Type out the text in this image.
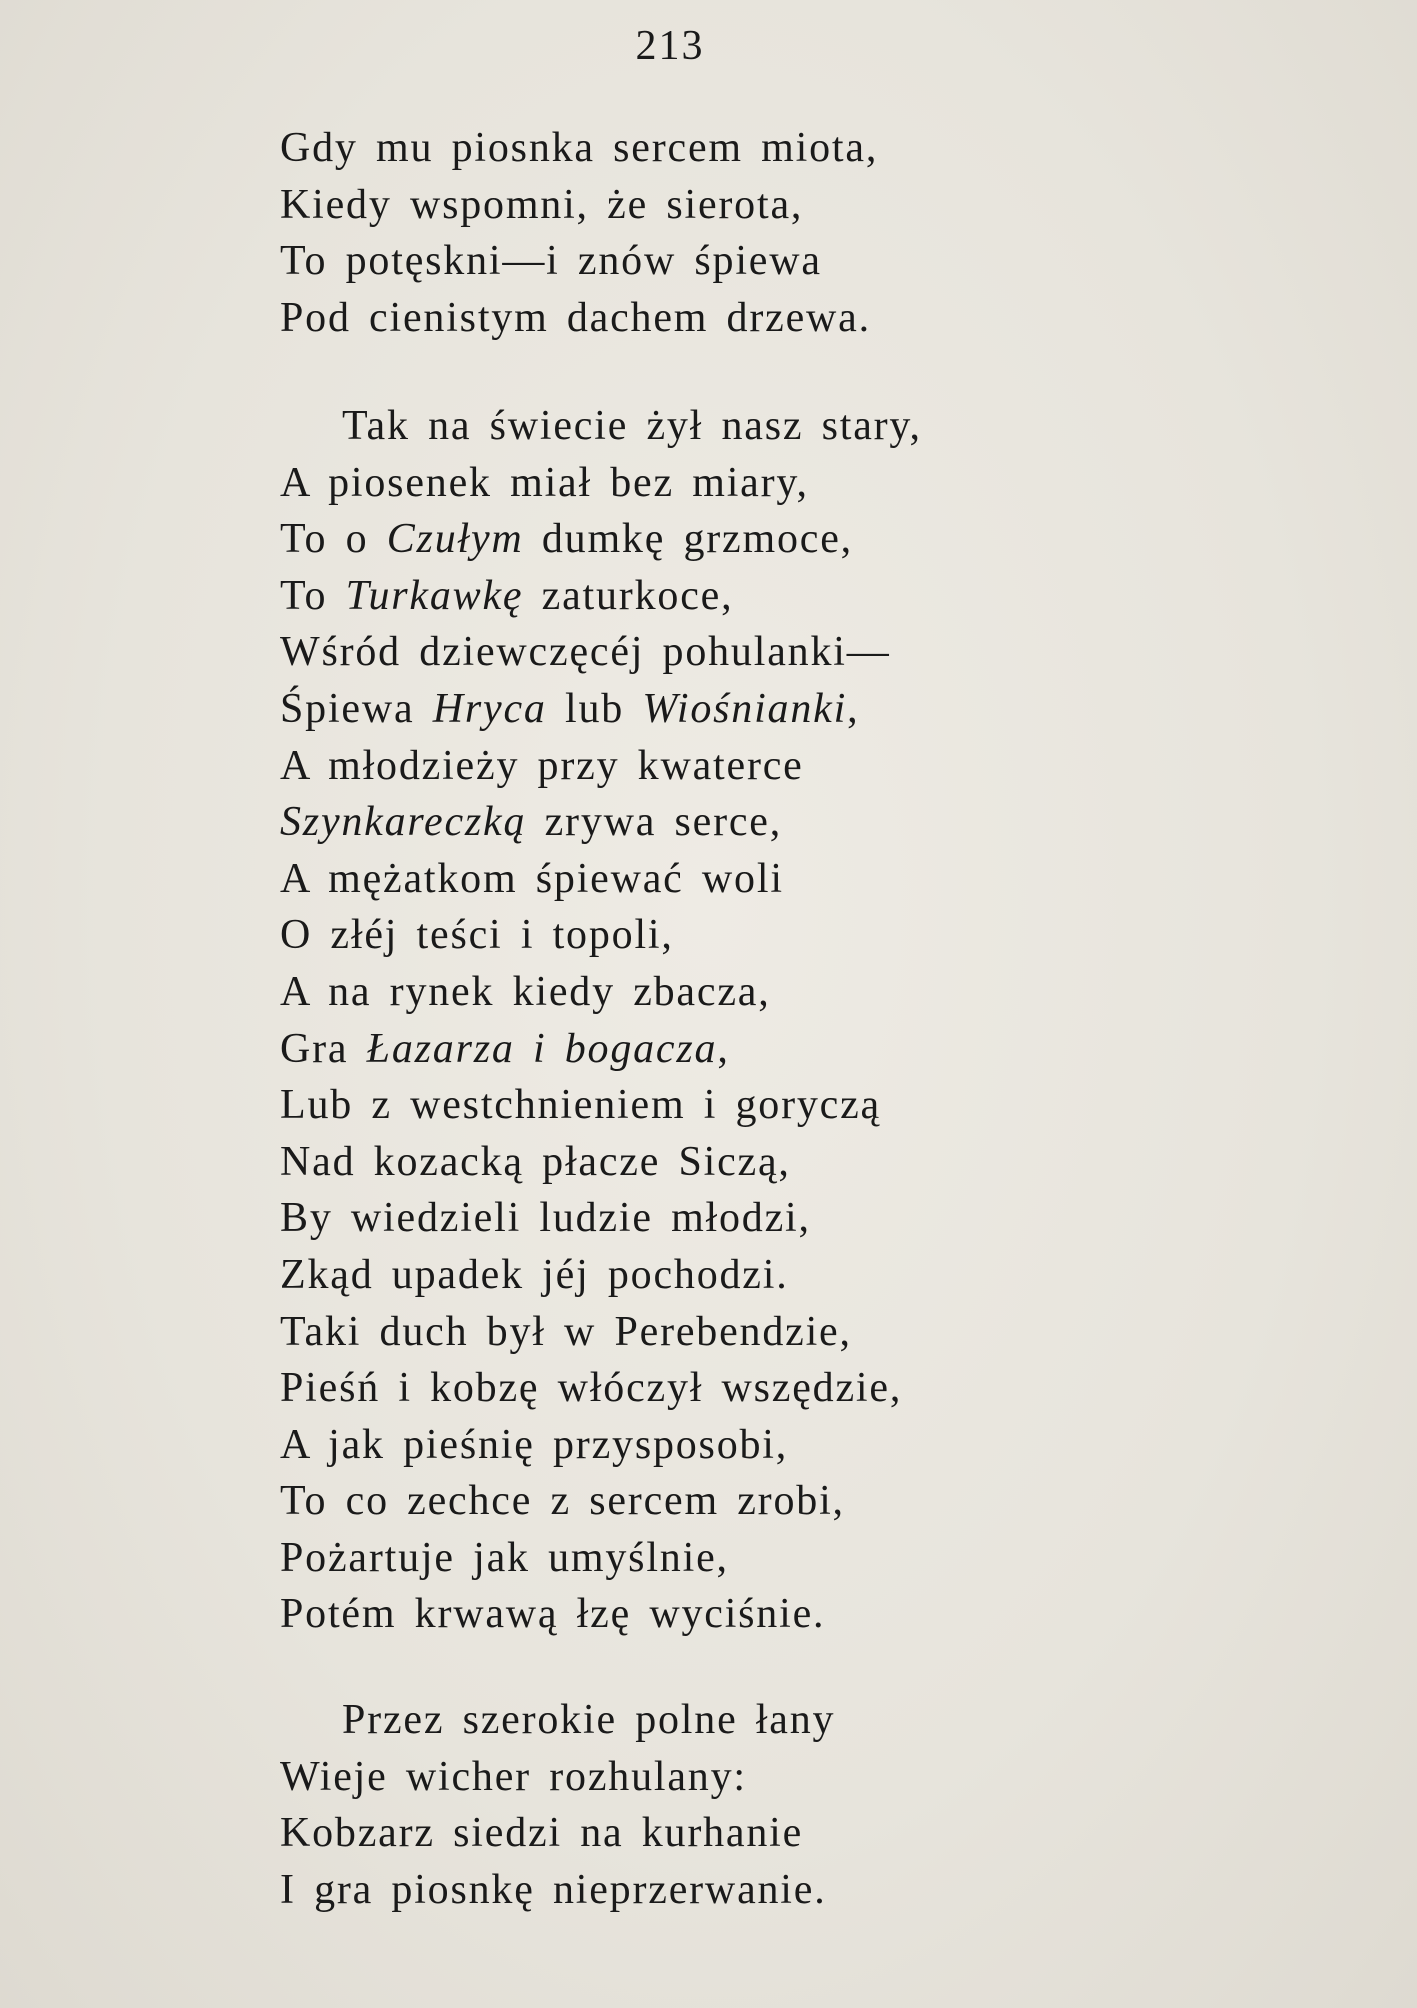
213
Gdy mu piosnka sercem miota,
Kiedy wspomni, że sierota,
To potęskni—i znów śpiewa
Pod cienistym dachem drzewa.
Tak na świecie żył nasz stary,
A piosenek miał bez miary,
To o Czułym dumkę grzmoce,
To Turkawkę zaturkoce,
Wśród dziewczęcéj pohulanki—
Śpiewa Hryca lub Wiośnianki,
A młodzieży przy kwaterce
Szynkareczką zrywa serce,
A mężatkom śpiewać woli
O złéj teści i topoli,
A na rynek kiedy zbacza,
Gra Łazarza i bogacza,
Lub z westchnieniem i goryczą
Nad kozacką płacze Siczą,
By wiedzieli ludzie młodzi,
Zkąd upadek jéj pochodzi.
Taki duch był w Perebendzie,
Pieśń i kobzę włóczył wszędzie,
A jak pieśnię przysposobi,
To co zechce z sercem zrobi,
Pożartuje jak umyślnie,
Potém krwawą łzę wyciśnie.
Przez szerokie polne łany
Wieje wicher rozhulany:
Kobzarz siedzi na kurhanie
I gra piosnkę nieprzerwanie.
